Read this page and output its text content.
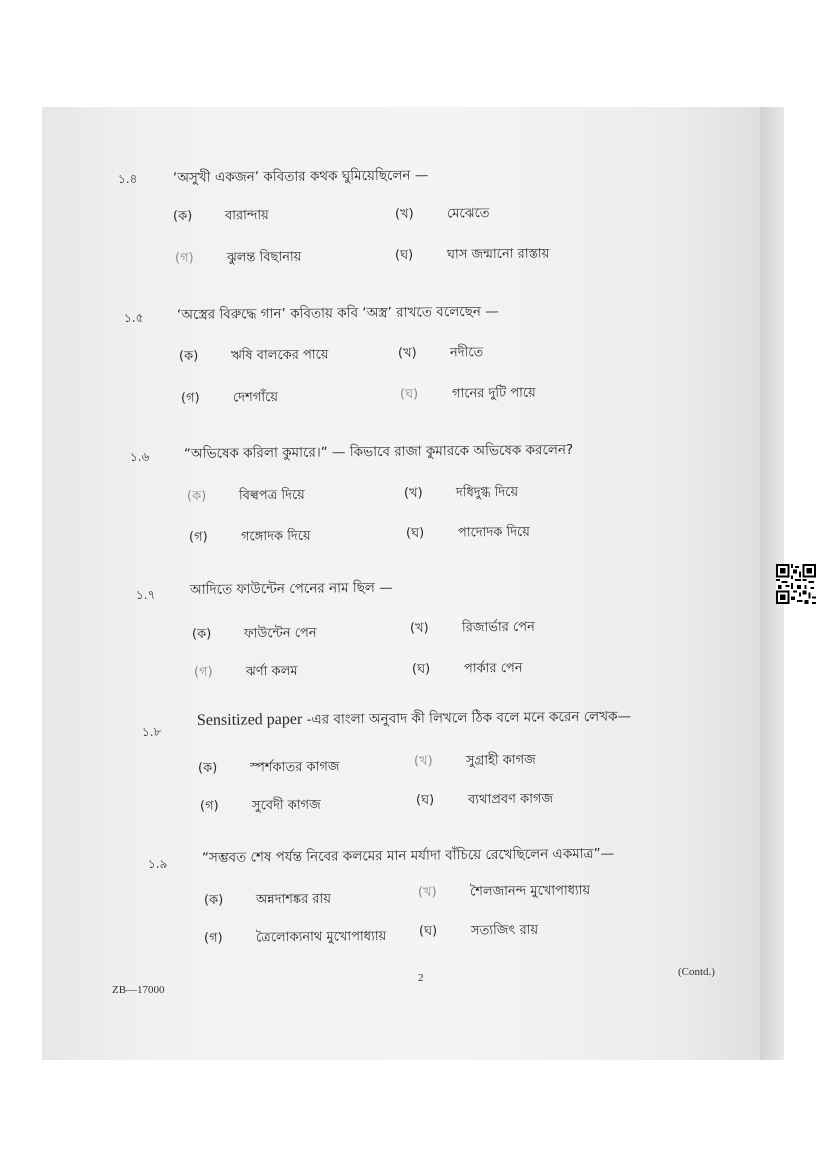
১.৪	‘অসুখী একজন’ কবিতার কথক ঘুমিয়েছিলেন —
(ক)	বারান্দায়	(খ)	মেঝেতে
(গ)	ঝুলন্ত বিছানায়	(ঘ)	ঘাস জন্মানো রাস্তায়
১.৫ ‘অস্ত্রের বিরুদ্ধে গান’ কবিতায় কবি ‘অস্ত্র’ রাখতে বলেছেন —
(ক)	ঋষি বালকের পায়ে	(খ)	নদীতে
(গ)	দেশগাঁয়ে	(ঘ)	গানের দুটি পায়ে
১.৬	“অভিষেক করিলা কুমারে।” — কিভাবে রাজা কুমারকে অভিষেক করলেন?
(ক)	বিল্বপত্র দিয়ে	(খ)	দধিদুগ্ধ দিয়ে
(গ)	গঙ্গোদক দিয়ে	(ঘ)	পাদোদক দিয়ে
১.৭	আদিতে ফাউন্টেন পেনের নাম ছিল —
(ক)	ফাউন্টেন পেন	(খ)	রিজার্ভার পেন
(গ)	ঝর্ণা কলম	(ঘ)	পার্কার পেন
১.৮
Sensitized paper -এর বাংলা অনুবাদ কী লিখলে ঠিক বলে মনে করেন লেখক—
(ক)	স্পর্শকাতর কাগজ	(খ)	সুগ্রাহী কাগজ
(গ)	সুবেদী কাগজ	(ঘ)	ব্যথাপ্রবণ কাগজ
১.৯	“সম্ভবত শেষ পর্যন্ত নিবের কলমের মান মর্যাদা বাঁচিয়ে রেখেছিলেন একমাত্র”—
(ক)	অন্নদাশঙ্কর রায়	(খ)	শৈলজানন্দ মুখোপাধ্যায়
(গ)	ত্রৈলোক্যনাথ মুখোপাধ্যায়	(ঘ)	সত্যজিৎ রায়
ZB—17000
2	(Contd.)
